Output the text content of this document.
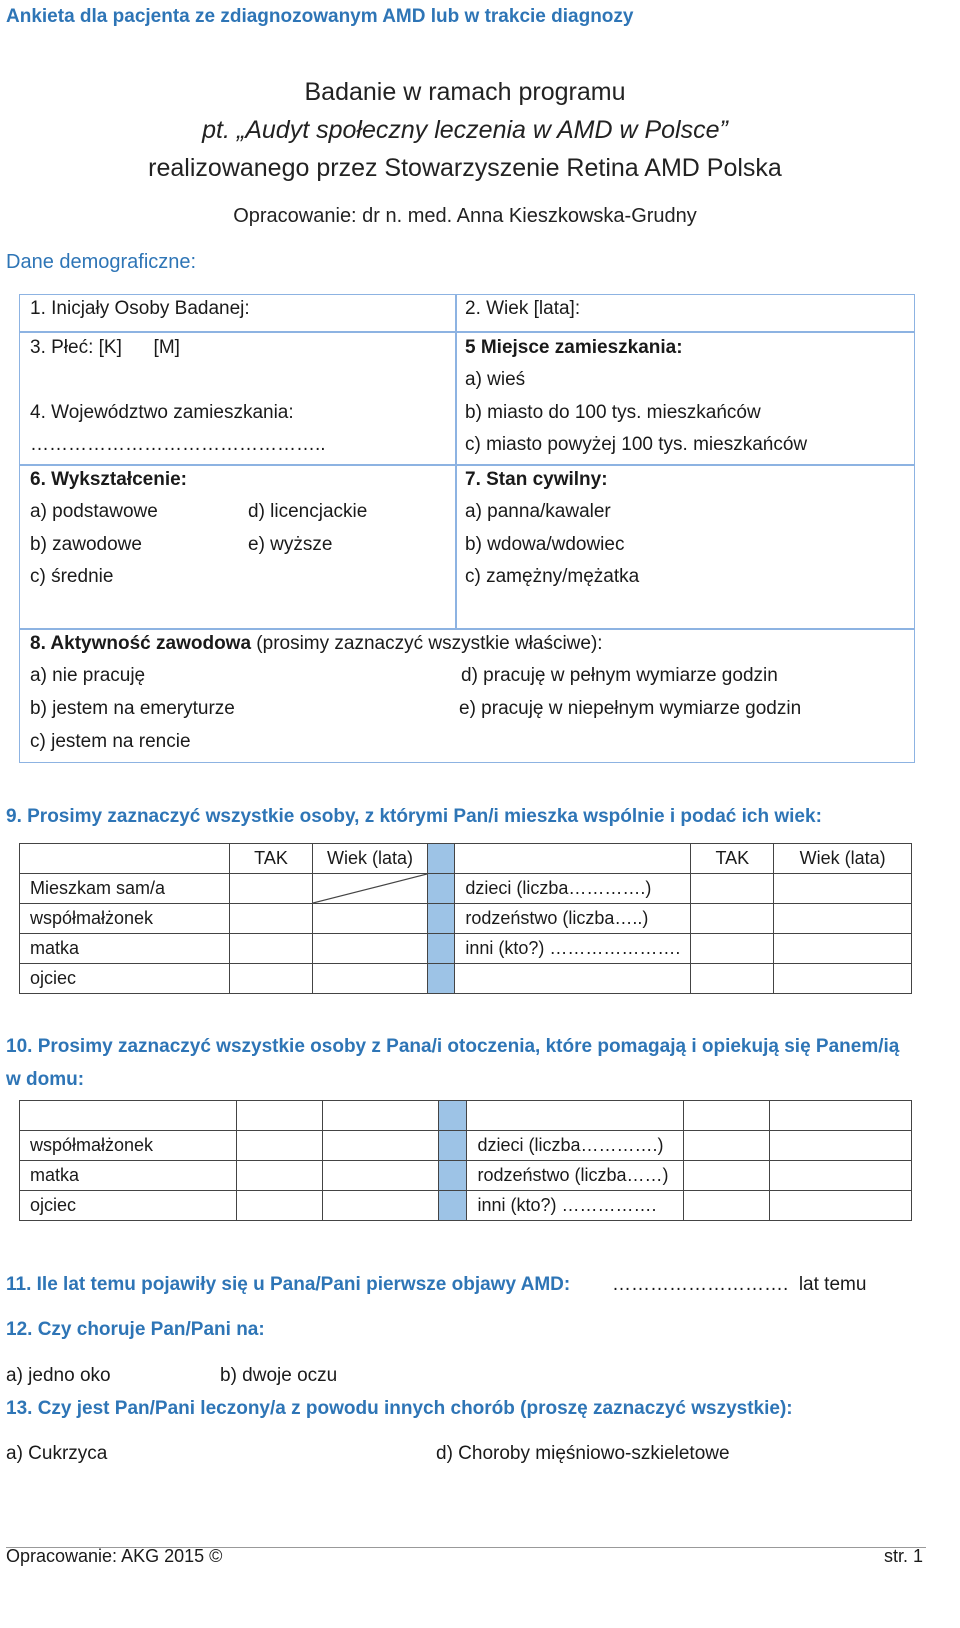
Ankieta dla pacjenta ze zdiagnozowanym AMD lub w trakcie diagnozy
Badanie w ramach programu
pt. „Audyt społeczny leczenia w AMD w Polsce”
realizowanego przez Stowarzyszenie Retina AMD Polska
Opracowanie: dr n. med. Anna Kieszkowska-Grudny
Dane demograficzne:
1. Inicjały Osoby Badanej:	2. Wiek [lata]:
3. Płeć: [K]      [M]
4. Województwo zamieszkania:
………………………………………..
5 Miejsce zamieszkania:
a) wieś
b) miasto do 100 tys. mieszkańców
c) miasto powyżej 100 tys. mieszkańców
6. Wykształcenie:
a) podstawowe
b) zawodowe
c) średnie
d) licencjackie
e) wyższe
7. Stan cywilny:
a) panna/kawaler
b) wdowa/wdowiec
c) zamężny/mężatka
8. Aktywność zawodowa (prosimy zaznaczyć wszystkie właściwe):
a) nie pracuję
b) jestem na emeryturze
c) jestem na rencie
d) pracuję w pełnym wymiarze godzin
e) pracuję w niepełnym wymiarze godzin
9. Prosimy zaznaczyć wszystkie osoby, z którymi Pan/i mieszka wspólnie i podać ich wiek:
	TAK	Wiek (lata)			TAK	Wiek (lata)
Mieszkam sam/a				dzieci (liczba………….)		
współmałżonek				rodzeństwo (liczba…..)		
matka				inni (kto?) ………………….		
ojciec						
10. Prosimy zaznaczyć wszystkie osoby z Pana/i otoczenia, które pomagają i opiekują się Panem/ią
w domu:

współmałżonek				dzieci (liczba………….)		
matka				rodzeństwo (liczba……)		
ojciec				inni (kto?) …………….		
11. Ile lat temu pojawiły się u Pana/Pani pierwsze objawy AMD: ……………………….  lat temu
12. Czy choruje Pan/Pani na:
a) jedno oko	b) dwoje oczu
13. Czy jest Pan/Pani leczony/a z powodu innych chorób (proszę zaznaczyć wszystkie):
a) Cukrzyca	d) Choroby mięśniowo-szkieletowe
Opracowanie: AKG 2015 ©	str. 1
